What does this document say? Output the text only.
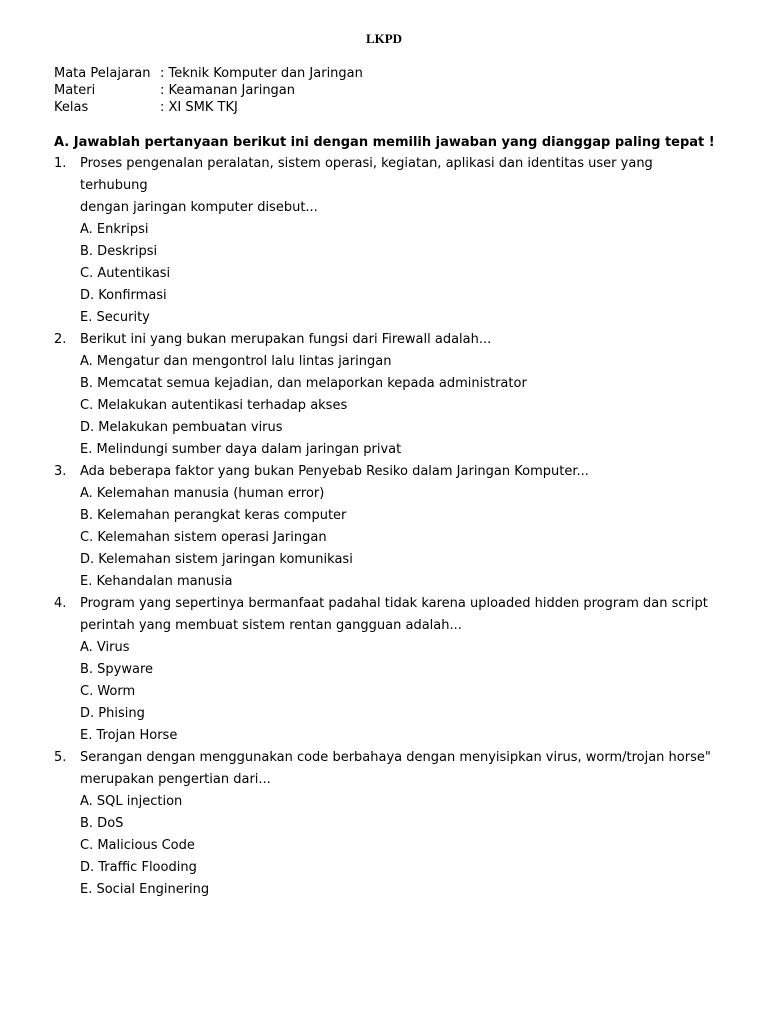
LKPD
Mata Pelajaran : Teknik Komputer dan Jaringan
Materi	: Keamanan Jaringan
Kelas	: XI SMK TKJ
A. Jawablah pertanyaan berikut ini dengan memilih jawaban yang dianggap paling tepat !
1.	Proses pengenalan peralatan, sistem operasi, kegiatan, aplikasi dan identitas user yang terhubung
dengan jaringan komputer disebut...
A. Enkripsi
B. Deskripsi
C. Autentikasi
D. Konfirmasi
E. Security
2.	Berikut ini yang bukan merupakan fungsi dari Firewall adalah...
A. Mengatur dan mengontrol lalu lintas jaringan
B. Memcatat semua kejadian, dan melaporkan kepada administrator
C. Melakukan autentikasi terhadap akses
D. Melakukan pembuatan virus
E. Melindungi sumber daya dalam jaringan privat
3.	Ada beberapa faktor yang bukan Penyebab Resiko dalam Jaringan Komputer...
A. Kelemahan manusia (human error)
B. Kelemahan perangkat keras computer
C. Kelemahan sistem operasi Jaringan
D. Kelemahan sistem jaringan komunikasi
E. Kehandalan manusia
4.	Program yang sepertinya bermanfaat padahal tidak karena uploaded hidden program dan script
perintah yang membuat sistem rentan gangguan adalah...
A. Virus
B. Spyware
C. Worm
D. Phising
E. Trojan Horse
5.	Serangan dengan menggunakan code berbahaya dengan menyisipkan virus, worm/trojan horse"
merupakan pengertian dari...
A. SQL injection
B. DoS
C. Malicious Code
D. Traffic Flooding
E. Social Enginering
